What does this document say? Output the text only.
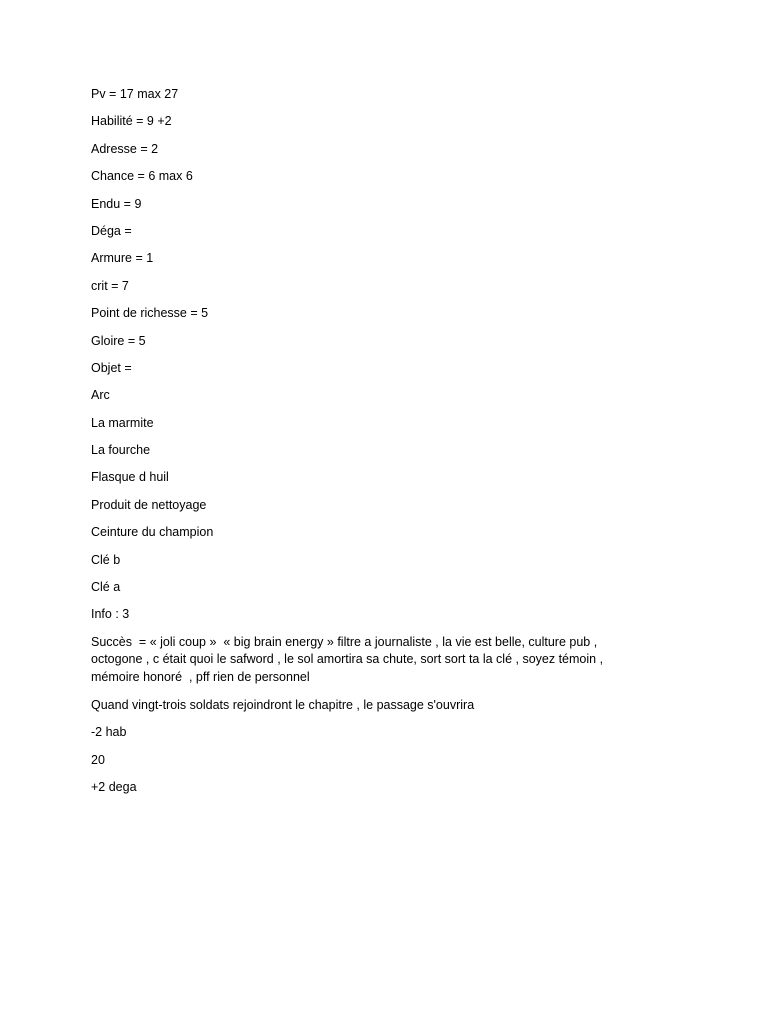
Pv = 17 max 27

Habilité = 9 +2

Adresse = 2

Chance = 6 max 6

Endu = 9

Déga =

Armure = 1

crit = 7

Point de richesse = 5

Gloire = 5

Objet =

Arc

La marmite

La fourche

Flasque d huil

Produit de nettoyage

Ceinture du champion

Clé b

Clé a

Info : 3

Succès  = « joli coup »  « big brain energy » filtre a journaliste , la vie est belle, culture pub , octogone , c était quoi le safword , le sol amortira sa chute, sort sort ta la clé , soyez témoin , mémoire honoré  , pff rien de personnel

Quand vingt-trois soldats rejoindront le chapitre , le passage s'ouvrira

-2 hab

20

+2 dega
